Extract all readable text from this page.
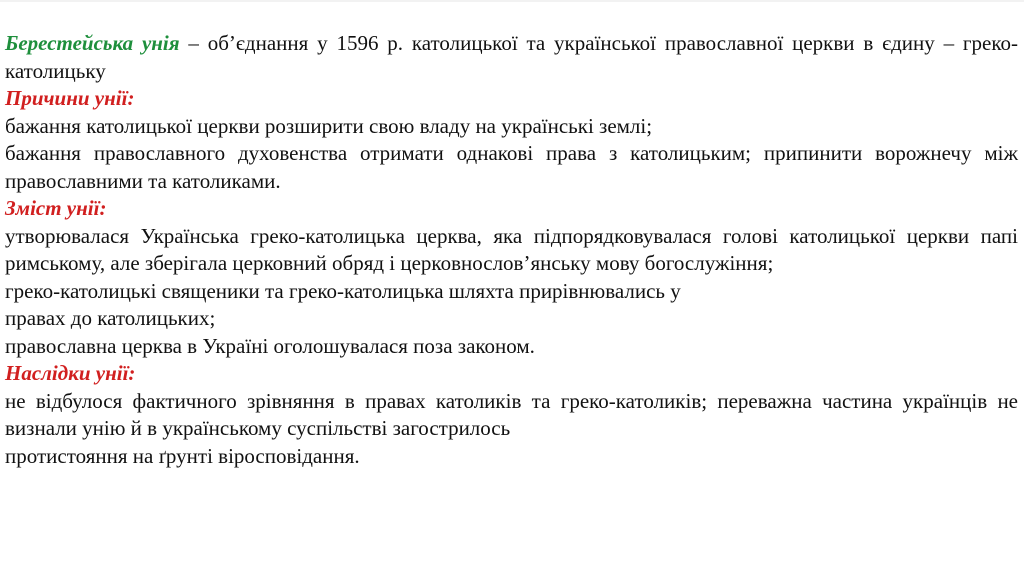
Берестейська унія – об’єднання у 1596 р. католицької та української православної церкви в єдину – греко-католицьку

Причини унії:

бажання католицької церкви розширити свою владу на українські землі;

бажання православного духовенства отримати однакові права з католицьким; припинити ворожнечу між православними та католиками.

Зміст унії:

утворювалася Українська греко-католицька церква, яка підпорядковувалася голові католицької церкви папі римському, але зберігала церковний обряд і церковнослов’янську мову богослужіння;

греко-католицькі священики та греко-католицька шляхта прирівнювались у

правах до католицьких;

православна церква в Україні оголошувалася поза законом.

Наслідки унії:

не відбулося фактичного зрівняння в правах католиків та греко-католиків; переважна частина українців не визнали унію й в українському суспільстві загострилось

протистояння на ґрунті віросповідання.
